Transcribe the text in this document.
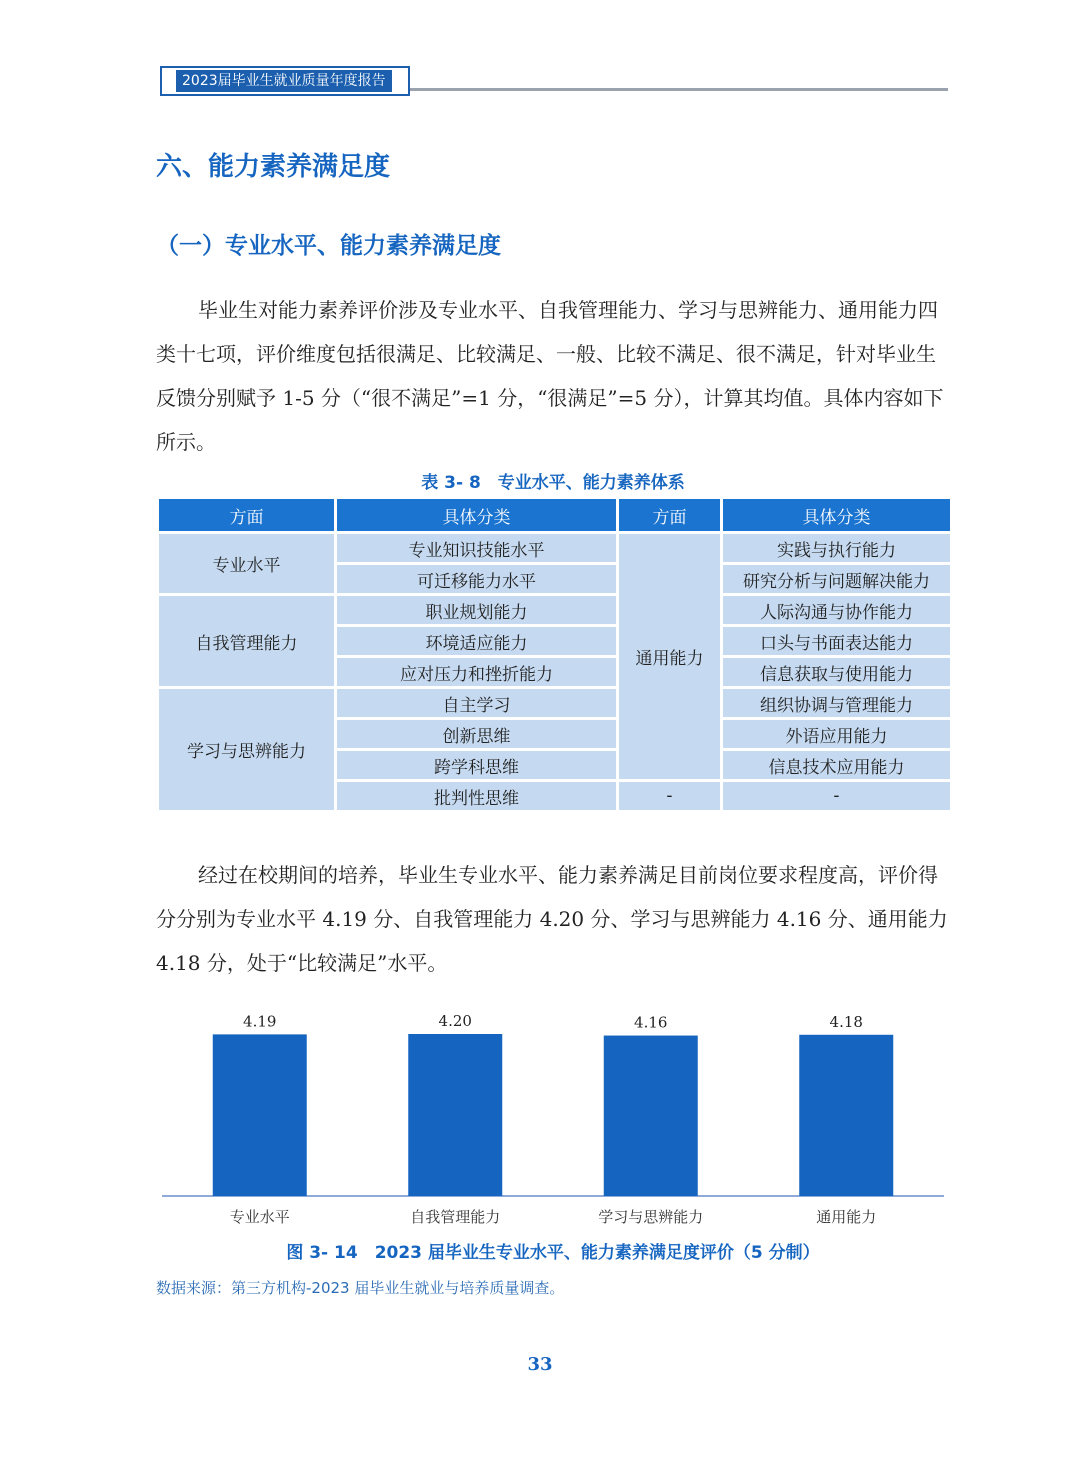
2023届毕业生就业质量年度报告
六、能力素养满足度
（一）专业水平、能力素养满足度

毕业生对能力素养评价涉及专业水平、自我管理能力、学习与思辨能力、通用能力四类十七项，评价维度包括很满足、比较满足、一般、比较不满足、很不满足，针对毕业生反馈分别赋予 1-5 分（“很不满足”=1 分，“很满足”=5 分），计算其均值。具体内容如下所示。

表 3- 8　专业水平、能力素养体系
方面	具体分类	方面	具体分类
专业水平	专业知识技能水平	通用能力	实践与执行能力
	可迁移能力水平		研究分析与问题解决能力
自我管理能力	职业规划能力		人际沟通与协作能力
	环境适应能力		口头与书面表达能力
	应对压力和挫折能力		信息获取与使用能力
学习与思辨能力	自主学习		组织协调与管理能力
	创新思维		外语应用能力
	跨学科思维		信息技术应用能力
	批判性思维	-	-

经过在校期间的培养，毕业生专业水平、能力素养满足目前岗位要求程度高，评价得分分别为专业水平 4.19 分、自我管理能力 4.20 分、学习与思辨能力 4.16 分、通用能力 4.18 分，处于“比较满足”水平。

4.19
专业水平
4.20
自我管理能力
4.16
学习与思辨能力
4.18
通用能力
图 3- 14　2023 届毕业生专业水平、能力素养满足度评价（5 分制）
数据来源：第三方机构-2023 届毕业生就业与培养质量调查。
33
